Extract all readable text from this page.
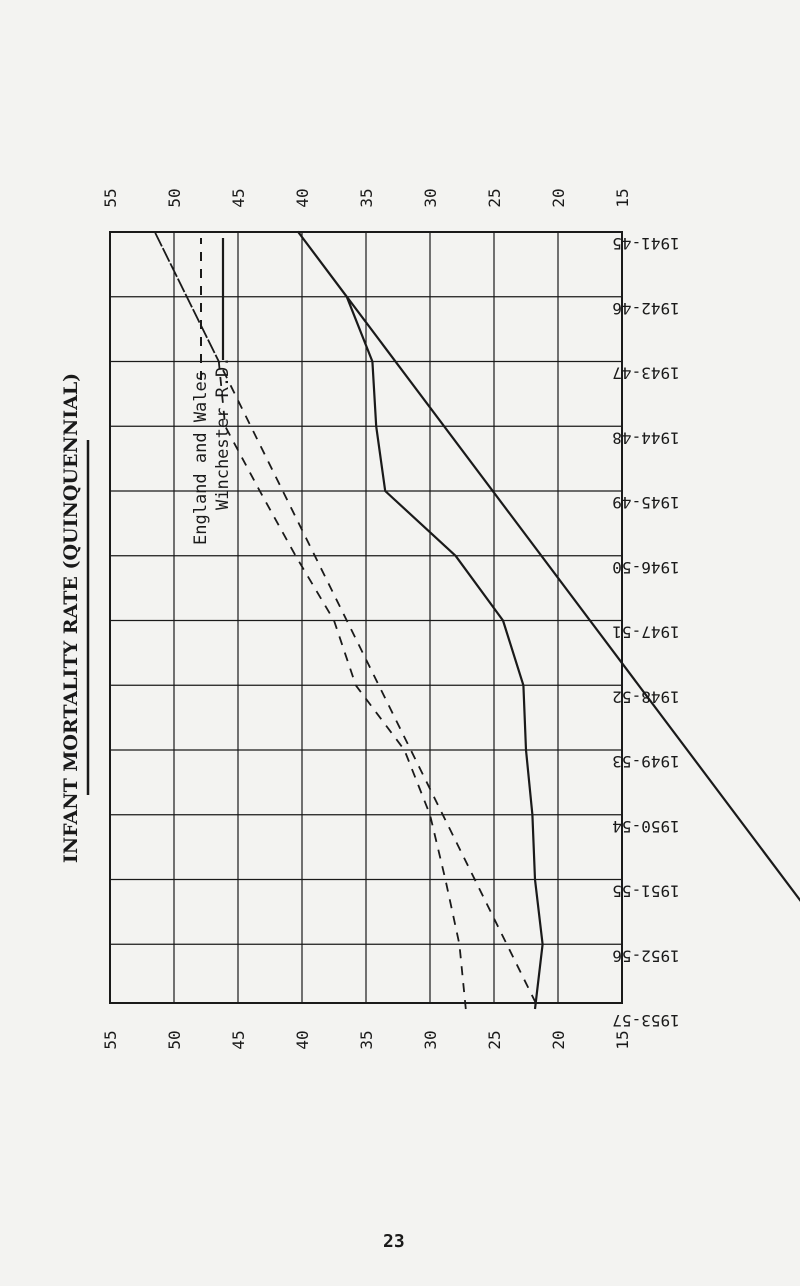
INFANT MORTALITY RATE (QUINQUENNIAL)
55	50	45	40	35	30	25	20	15
55	50	45	40	35	30	25	20	15
1941-45
1942-46
1943-47
1944-48
1945-49
1946-50
1947-51
1948-52
1949-53
1950-54
1951-55
1952-56
1953-57
England and Wales Winchester R.D.
23
